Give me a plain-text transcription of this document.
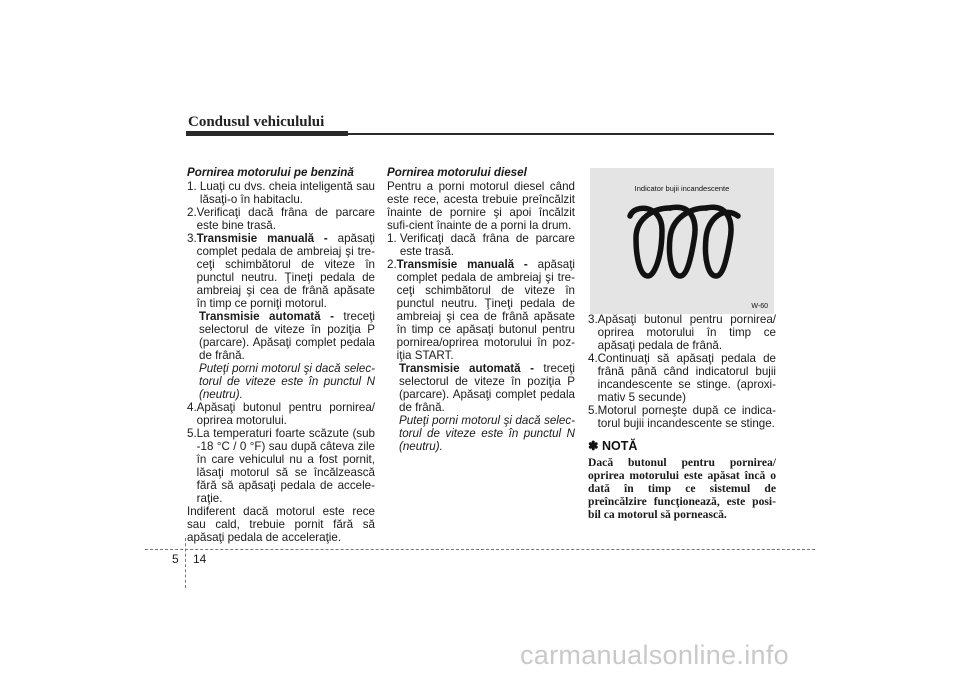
Condusul vehiculului
Pornirea motorului pe benzină
1. Luaţi cu dvs. cheia inteligentă sau lăsaţi-o în habitaclu.
2. Verificaţi dacă frâna de parcare este bine trasă.
3. Transmisie manuală - apăsaţi complet pedala de ambreiaj şi tre-ceţi schimbătorul de viteze în punctul neutru. Ţineţi pedala de ambreiaj şi cea de frână apăsate în timp ce porniţi motorul.
Transmisie automată - treceţi selectorul de viteze în poziţia P (parcare). Apăsaţi complet pedala de frână.
Puteţi porni motorul şi dacă selec-torul de viteze este în punctul N (neutru).
4. Apăsaţi butonul pentru pornirea/ oprirea motorului.
5. La temperaturi foarte scăzute (sub -18 °C / 0 °F) sau după câteva zile în care vehiculul nu a fost pornit, lăsaţi motorul să se încălzească fără să apăsaţi pedala de accele-raţie.

Indiferent dacă motorul este rece sau cald, trebuie pornit fără să apăsaţi pedala de acceleraţie.

Pornirea motorului diesel

Pentru a porni motorul diesel când este rece, acesta trebuie preîncălzit înainte de pornire şi apoi încălzit sufi-cient înainte de a porni la drum.

1. Verificaţi dacă frâna de parcare este trasă.
2. Transmisie manuală - apăsaţi complet pedala de ambreiaj şi tre-ceţi schimbătorul de viteze în punctul neutru. Ţineţi pedala de ambreiaj şi cea de frână apăsate în timp ce apăsaţi butonul pentru pornirea/oprirea motorului în poz-iţia START.
Transmisie automată - treceţi selectorul de viteze în poziţia P (parcare). Apăsaţi complet pedala de frână.
Puteţi porni motorul şi dacă selec-torul de viteze este în punctul N (neutru).
Indicator bujii incandescente
W-60
3. Apăsaţi butonul pentru pornirea/ oprirea motorului în timp ce apăsaţi pedala de frână.
4. Continuaţi să apăsaţi pedala de frână până când indicatorul bujii incandescente se stinge. (aproxi-mativ 5 secunde)
5. Motorul porneşte după ce indica-torul bujii incandescente se stinge.
✽ NOTĂ
Dacă butonul pentru pornirea/ oprirea motorului este apăsat încă o dată în timp ce sistemul de preîncălzire funcţionează, este posi-bil ca motorul să pornească.
5 14
carmanualsonline.info
